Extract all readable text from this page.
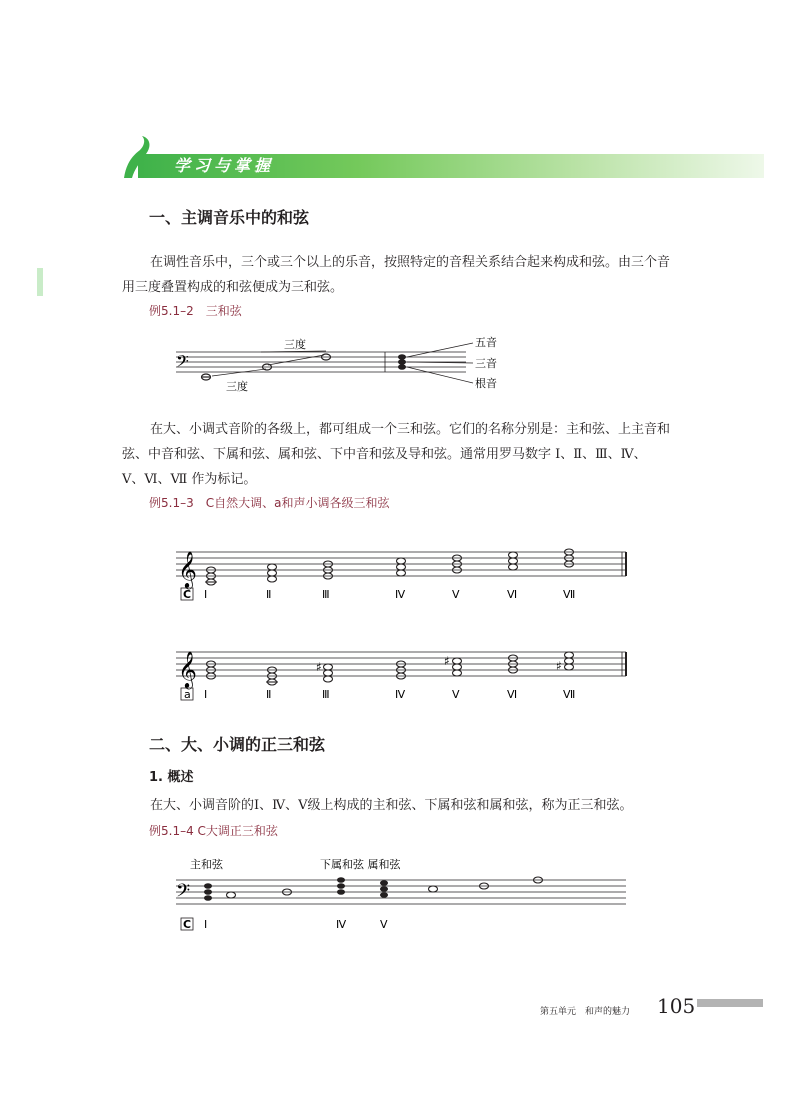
学习与掌握
一、主调音乐中的和弦
在调性音乐中，三个或三个以上的乐音，按照特定的音程关系结合起来构成和弦。由三个音
用三度叠置构成的和弦便成为三和弦。
例5.1–2　三和弦
𝄢
三度
三度
五音
三音
根音
在大、小调式音阶的各级上，都可组成一个三和弦。它们的名称分别是：主和弦、上主音和
弦、中音和弦、下属和弦、属和弦、下中音和弦及导和弦。通常用罗马数字 Ⅰ、Ⅱ、Ⅲ、Ⅳ、
Ⅴ、Ⅵ、Ⅶ 作为标记。
例5.1–3　C自然大调、a和声小调各级三和弦
𝄞
C Ⅰ	Ⅱ	Ⅲ	Ⅳ	Ⅴ	Ⅵ	Ⅶ
𝄞	♯	♯	♯
a Ⅰ	Ⅱ	Ⅲ	Ⅳ	Ⅴ	Ⅵ	Ⅶ
二、大、小调的正三和弦
1. 概述
在大、小调音阶的Ⅰ、Ⅳ、Ⅴ级上构成的主和弦、下属和弦和属和弦，称为正三和弦。
例5.1–4 C大调正三和弦
主和弦	下属和弦 属和弦
𝄢
C Ⅰ	Ⅳ	Ⅴ
第五单元　和声的魅力 105
